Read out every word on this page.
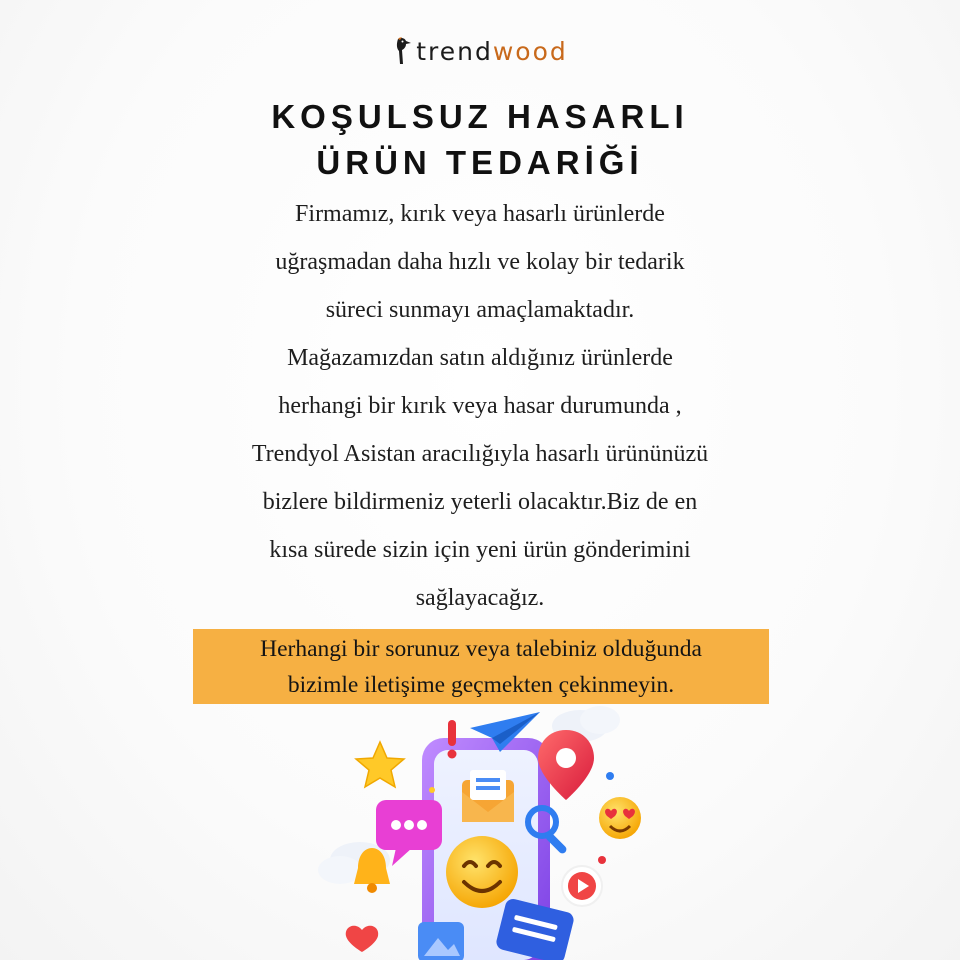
trendwood
KOŞULSUZ HASARLI
ÜRÜN TEDARİĞİ
Firmamız, kırık veya hasarlı ürünlerde
uğraşmadan daha hızlı ve kolay bir tedarik
süreci sunmayı amaçlamaktadır.
Mağazamızdan satın aldığınız ürünlerde
herhangi bir kırık veya hasar durumunda ,
Trendyol Asistan aracılığıyla hasarlı ürününüzü
bizlere bildirmeniz yeterli olacaktır.Biz de en
kısa sürede sizin için yeni ürün gönderimini
sağlayacağız.
Herhangi bir sorunuz veya talebiniz olduğunda
bizimle iletişime geçmekten çekinmeyin.
